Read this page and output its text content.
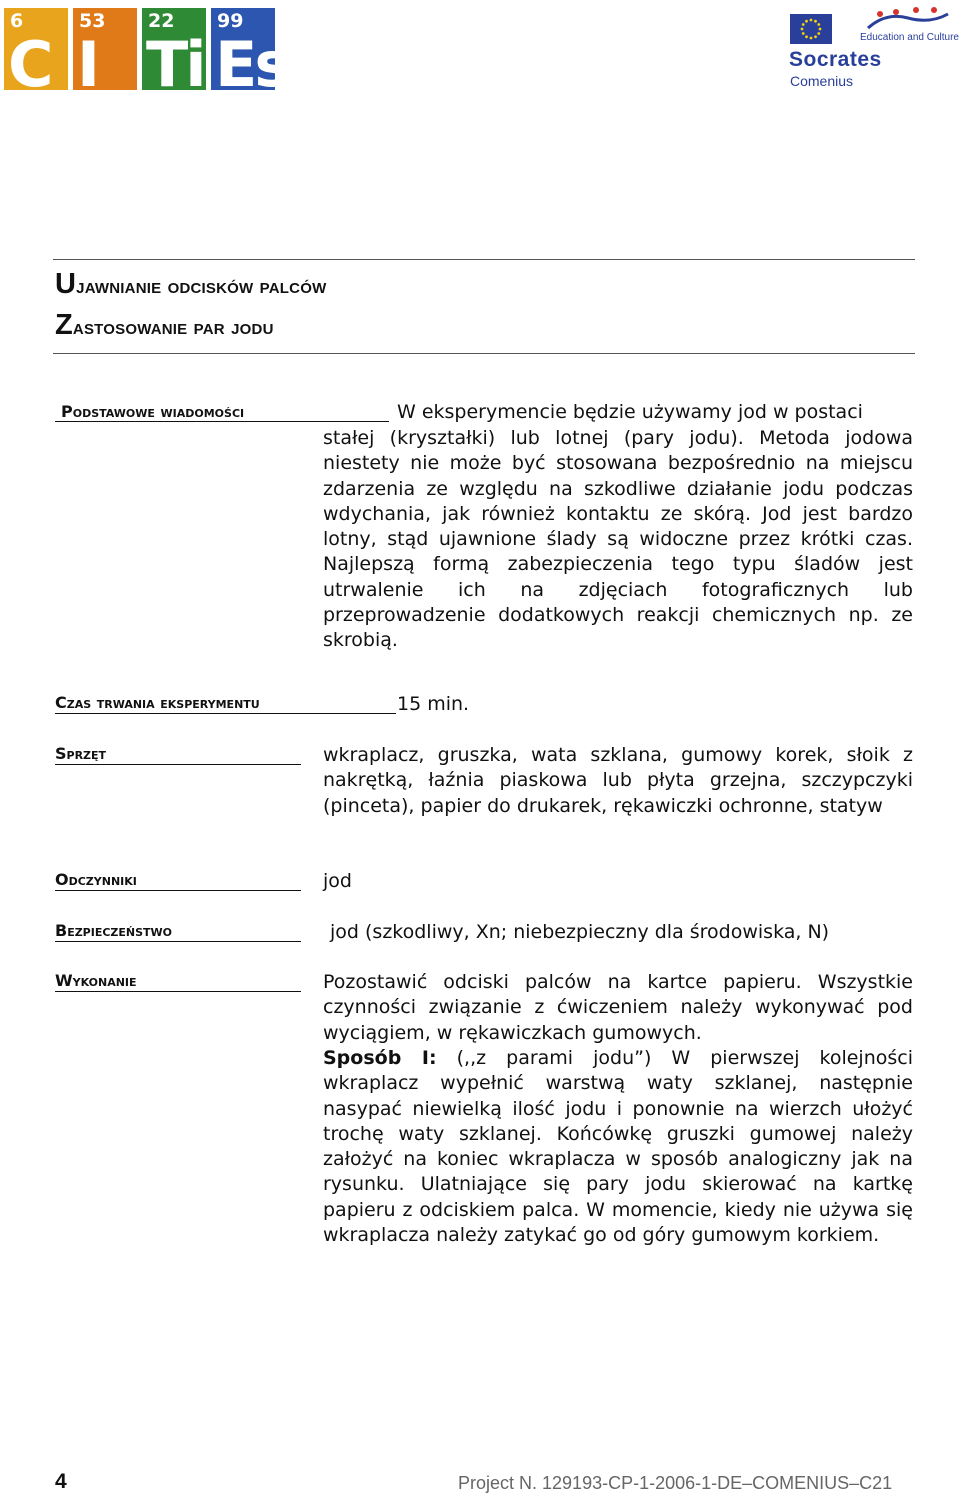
6
C
53
I
22
Ti
99
Es	Education and Culture
Socrates
Comenius
Ujawnianie odcisków palców
Zastosowanie par jodu
Podstawowe wiadomości	W eksperymencie będzie używamy jod w postaci

stałej (kryształki) lub lotnej (pary jodu). Metoda jodowa niestety nie może być stosowana bezpośrednio na miejscu zdarzenia ze względu na szkodliwe działanie jodu podczas wdychania, jak również kontaktu ze skórą. Jod jest bardzo lotny, stąd ujawnione ślady są widoczne przez krótki czas. Najlepszą formą zabezpieczenia tego typu śladów jest utrwalenie ich na zdjęciach fotograficznych lub przeprowadzenie dodatkowych reakcji chemicznych np. ze skrobią.

Czas trwania eksperymentu	15 min.
Sprzęt	wkraplacz, gruszka, wata szklana, gumowy korek, słoik z nakrętką, łaźnia piaskowa lub płyta grzejna, szczypczyki (pinceta), papier do drukarek, rękawiczki ochronne, statyw

Odczynniki	jod

Bezpieczeństwo	jod (szkodliwy, Xn; niebezpieczny dla środowiska, N)

Wykonanie	Pozostawić odciski palców na kartce papieru. Wszystkie czynności związanie z ćwiczeniem należy wykonywać pod wyciągiem, w rękawiczkach gumowych.

Sposób I: (,,z parami jodu”) W pierwszej kolejności wkraplacz wypełnić warstwą waty szklanej, następnie nasypać niewielką ilość jodu i ponownie na wierzch ułożyć trochę waty szklanej. Końcówkę gruszki gumowej należy założyć na koniec wkraplacza w sposób analogiczny jak na rysunku. Ulatniające się pary jodu skierować na kartkę papieru z odciskiem palca. W momencie, kiedy nie używa się wkraplacza należy zatykać go od góry gumowym korkiem.

4	Project N. 129193-CP-1-2006-1-DE–COMENIUS–C21
